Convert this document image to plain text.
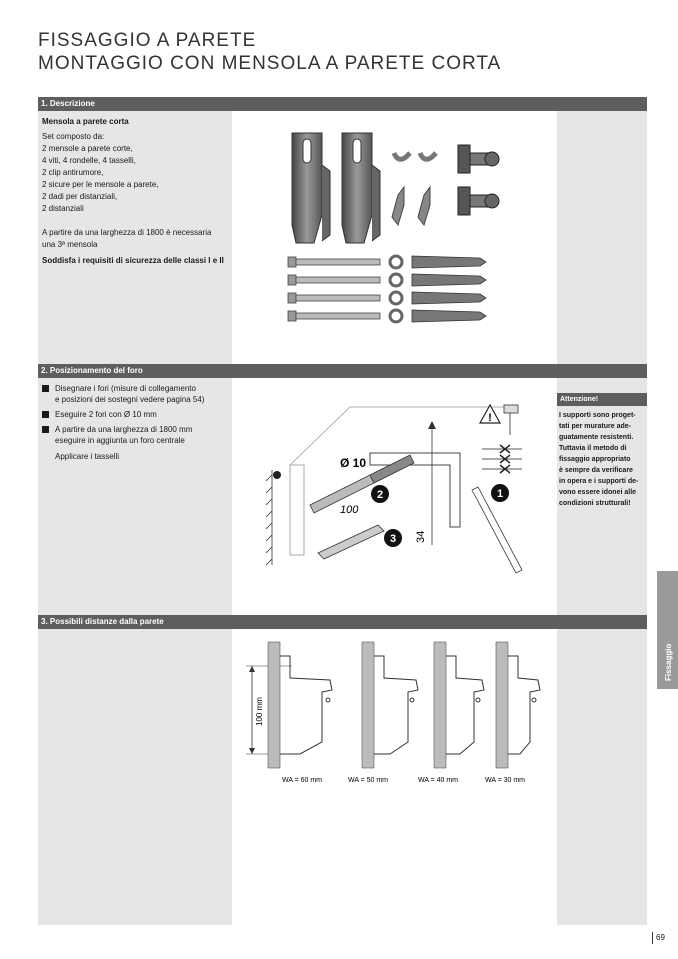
FISSAGGIO A PARETE
MONTAGGIO CON MENSOLA A PARETE CORTA
1. Descrizione
Mensola a parete corta
Set composto da:
2 mensole a parete corte,
4 viti, 4 rondelle, 4 tasselli,
2 clip antirumore,
2 sicure per le mensole a parete,
2 dadi per distanziali,
2 distanziali
A partire da una larghezza di 1800 è necessaria
una 3ª mensola
Soddisfa i requisiti di sicurezza delle classi I e II
2. Posizionamento del foro
Disegnare i fori (misure di collegamento
e posizioni dei sostegni vedere pagina 54)
Eseguire 2 fori con Ø 10 mm
A partire da una larghezza di 1800 mm
eseguire in aggiunta un foro centrale
Applicare i tasselli
Attenzione!
I supporti sono proget-
tati per murature ade-
guatamente resistenti.
Tuttavia il metodo di
fissaggio appropriato
è sempre da verificare
in opera e i supporti de-
vono essere idonei alle
condizioni strutturali!
34
Ø 10
100
2
3
1
!
3. Possibili distanze dalla parete
100 mm
WA = 60 mm	WA = 50 mm	WA = 40 mm	WA = 30 mm
Fissaggio
69
